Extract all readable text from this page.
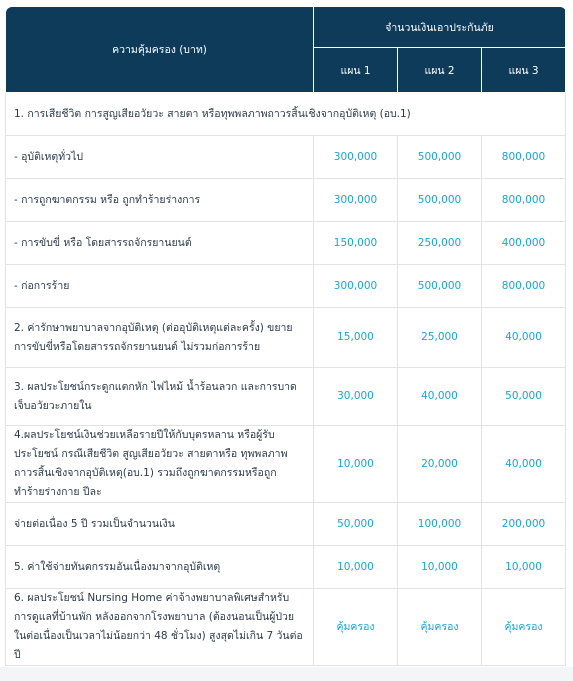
ความคุ้มครอง (บาท)	จำนวนเงินเอาประกันภัย		
	แผน 1	แผน 2	แผน 3
1. การเสียชีวิต การสูญเสียอวัยวะ สายตา หรือทุพพลภาพถาวรสิ้นเชิงจากอุบัติเหตุ (อบ.1)			
- อุบัติเหตุทั่วไป	300,000	500,000	800,000
- การถูกฆาตกรรม หรือ ถูกทำร้ายร่างการ	300,000	500,000	800,000
- การขับขี่ หรือ โดยสารรถจักรยานยนต์	150,000	250,000	400,000
- ก่อการร้าย	300,000	500,000	800,000
2. ค่ารักษาพยาบาลจากอุบัติเหตุ (ต่ออุบัติเหตุแต่ละครั้ง) ขยายการขับขี่หรือโดยสารรถจักรยานยนต์ ไม่รวมก่อการร้าย	15,000	25,000	40,000
3. ผลประโยชน์กระดูกแตกหัก ไฟไหม้ น้ำร้อนลวก และการบาดเจ็บอวัยวะภายใน	30,000	40,000	50,000
4.ผลประโยชน์เงินช่วยเหลือรายปีให้กับบุตรหลาน หรือผู้รับประโยชน์ กรณีเสียชีวิต สูญเสียอวัยวะ สายตาหรือ ทุพพลภาพถาวรสิ้นเชิงจากอุบัติเหตุ(อบ.1) รวมถึงถูกฆาตกรรมหรือถูกทำร้ายร่างกาย ปีละ	10,000	20,000	40,000
จ่ายต่อเนื่อง 5 ปี รวมเป็นจำนวนเงิน	50,000	100,000	200,000
5. ค่าใช้จ่ายทันตกรรมอันเนื่องมาจากอุบัติเหตุ	10,000	10,000	10,000
6. ผลประโยชน์ Nursing Home ค่าจ้างพยาบาลพิเศษสำหรับการดูแลที่บ้านพัก หลังออกจากโรงพยาบาล (ต้องนอนเป็นผู้ป่วยในต่อเนื่องเป็นเวลาไม่น้อยกว่า 48 ชั่วโมง) สูงสุดไม่เกิน 7 วันต่อปี	คุ้มครอง	คุ้มครอง	คุ้มครอง
